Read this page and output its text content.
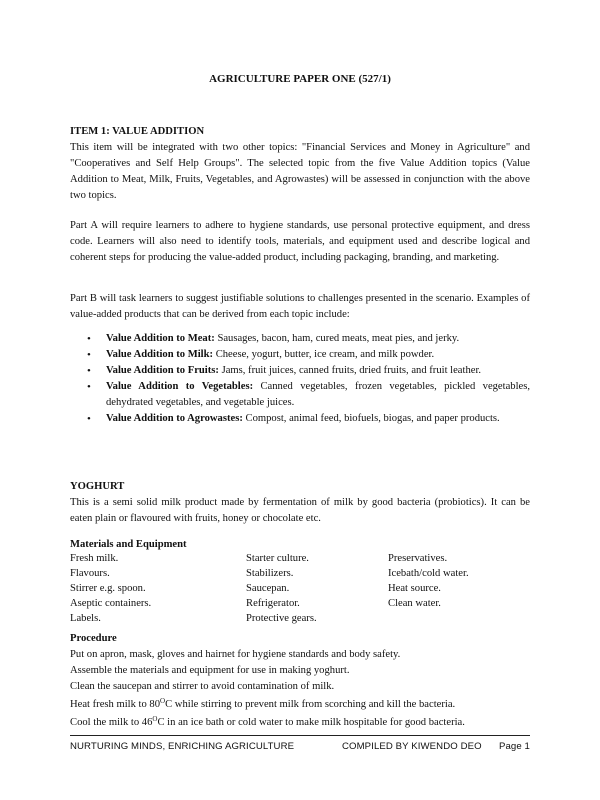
AGRICULTURE PAPER ONE (527/1)
ITEM 1: VALUE ADDITION
This item will be integrated with two other topics: "Financial Services and Money in Agriculture" and "Cooperatives and Self Help Groups". The selected topic from the five Value Addition topics (Value Addition to Meat, Milk, Fruits, Vegetables, and Agrowastes) will be assessed in conjunction with the above two topics.
Part A will require learners to adhere to hygiene standards, use personal protective equipment, and dress code. Learners will also need to identify tools, materials, and equipment used and describe logical and coherent steps for producing the value-added product, including packaging, branding, and marketing.
Part B will task learners to suggest justifiable solutions to challenges presented in the scenario. Examples of value-added products that can be derived from each topic include:
• Value Addition to Meat: Sausages, bacon, ham, cured meats, meat pies, and jerky.
• Value Addition to Milk: Cheese, yogurt, butter, ice cream, and milk powder.
• Value Addition to Fruits: Jams, fruit juices, canned fruits, dried fruits, and fruit leather.
• Value Addition to Vegetables: Canned vegetables, frozen vegetables, pickled vegetables, dehydrated vegetables, and vegetable juices.
• Value Addition to Agrowastes: Compost, animal feed, biofuels, biogas, and paper products.
YOGHURT
This is a semi solid milk product made by fermentation of milk by good bacteria (probiotics). It can be eaten plain or flavoured with fruits, honey or chocolate etc.
Materials and Equipment
Fresh milk.
Flavours.
Stirrer e.g. spoon.
Aseptic containers.
Labels.
Starter culture.
Stabilizers.
Saucepan.
Refrigerator.
Protective gears.
Preservatives.
Icebath/cold water.
Heat source.
Clean water.
Procedure
Put on apron, mask, gloves and hairnet for hygiene standards and body safety.
Assemble the materials and equipment for use in making yoghurt.
Clean the saucepan and stirrer to avoid contamination of milk.
Heat fresh milk to $80^OC$ while stirring to prevent milk from scorching and kill the bacteria.
Cool the milk to $46^OC$ in an ice bath or cold water to make milk hospitable for good bacteria.
NURTURING MINDS, ENRICHING AGRICULTURE	COMPILED BY KIWENDO DEO Page 1
